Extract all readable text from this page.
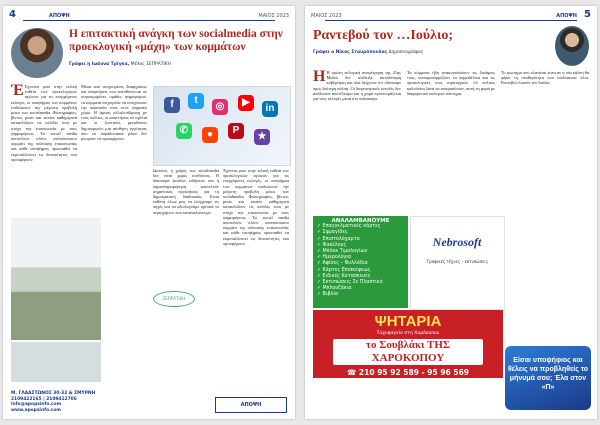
4	ΑΠΟΨΗ	ΜΑΙΟΣ 2023
Η επιτακτική ανάγκη των socialmedia στην προεκλογική «μάχη» των κομμάτων
Γράφει η Ιωάννα Τρίγκα, Μέλος ΣΕΠΡΑΤΙΚΗ
Έ Έχοντας μπει στην τελική ευθεία των προεκλογικών αγώνων για τις επερχόμενες εκλογές, οι υποψήφιοι των κομμάτων επιδιώκουν την μέγιστη προβολή μέσω των socialmedia. Φωτογραφίες, βίντεο, posts και stories καθημερινά κατακλύζουν τις σελίδες τους με στόχο την επικοινωνία με τους ψηφοφόρους. Τα social media αποτελούν πλέον αναπόσπαστο κομμάτι της πολιτικής επικοινωνίας και κάθε υποψήφιος προσπαθεί να εκμεταλλευτεί τις δυνατότητες που προσφέρουν.
Μέσα από στοχευμένες διαφημίσεις και αναρτήσεις που απευθύνονται σε συγκεκριμένες ομάδες ψηφοφόρων, τα κόμματα επιχειρούν να ενισχύσουν την παρουσία τους στον ψηφιακό χώρο. Η άμεση αλληλεπίδραση με τους πολίτες, οι απαντήσεις σε σχόλια και οι ζωντανές μεταδόσεις δημιουργούν μια αίσθηση εγγύτητας που τα παραδοσιακά μέσα δεν μπορούν να προσφέρουν.
f	t
◎	▶
in
✆	●	P
★
Ωστόσο, η χρήση των socialmedia δεν είναι χωρίς κινδύνους. Η διασπορά ψευδών ειδήσεων και η παραπληροφόρηση αποτελούν σημαντικές προκλήσεις για τη δημοκρατική διαδικασία. Είναι ευθύνη όλων μας να ελέγχουμε τις πηγές και να αξιολογούμε κριτικά το περιεχόμενο που καταναλώνουμε.
Έχοντας μπει στην τελική ευθεία των προεκλογικών αγώνων για τις επερχόμενες εκλογές, οι υποψήφιοι των κομμάτων επιδιώκουν την μέγιστη προβολή μέσω των socialmedia. Φωτογραφίες, βίντεο, posts και stories καθημερινά κατακλύζουν τις σελίδες τους με στόχο την επικοινωνία με τους ψηφοφόρους. Τα social media αποτελούν πλέον αναπόσπαστο κομμάτι της πολιτικής επικοινωνίας και κάθε υποψήφιος προσπαθεί να εκμεταλλευτεί τις δυνατότητες που προσφέρουν.
ΣΕΠΡΑΤΙΚΗ
Μ. ΓΛΑΔΣΤΩΝΟΣ 30-32 & ΣΜΥΡΝΗ
2109422165 | 2109412706
info@apopsinfo.com
www.apopsinfo.com
ΑΠΟΨΗ
ΜΑΙΟΣ 2023	ΑΠΟΨΗ 5
Ραντεβού τον …Ιούλιο;
Γράφει ο Νίκος Σταυρόπουλος Δημοσιογράφος
Η Η πρώτη εκλογική αναμέτρηση της 21ης Μαΐου δεν ανέδειξε αυτοδύναμη κυβέρνηση και όλα δείχνουν ότι οδεύουμε προς δεύτερη κάλπη. Οι διερευνητικές εντολές δεν απέδωσαν αποτέλεσμα και η χώρα προετοιμάζεται για νέες εκλογές μέσα στο καλοκαίρι.
Τα κόμματα ήδη ανασυντάσσουν τις δυνάμεις τους, αναπροσαρμόζουν τα ψηφοδέλτια και τις προεκλογικές τους στρατηγικές. Οι πολίτες καλούνται ξανά να αποφασίσουν, αυτή τη φορά με διαφορετικό εκλογικό σύστημα.
Το ερώτημα που πλανάται είναι αν η νέα κάλπη θα φέρει τη σταθερότητα που επιδιώκουν όλοι. Ραντεβού λοιπόν τον Ιούλιο;
ΑΝΑΛΑΜΒΑΝΟΥΜΕ
✓ Επαγγελματικές κάρτες
✓ Σφραγίδες
✓ Επιστολόχαρτα
✓ Φακέλους
✓ Μπλοκ Τιμολογίων
✓ Ημερολόγια
✓ Αφίσες – Φυλλάδια
✓ Κάρτες Επισκέψεως
✓ Ειδικές Κατασκευές
✓ Εκτυπώσεις Σε Πλαστικό
✓ Μπλουζάκια
✓ Βιβλία
Nebrosoft
Γραφικές τέχνες – εκτυπώσεις
ΨΗΤΑΡΙΑ
Ταχυφαγείο στη Χαρόκοπου
το Σουβλάκι ΤΗΣ ΧΑΡΟΚΟΠΟΥ
☎ 210 95 92 589 - 95 96 569
Είσαι υποψήφιος και θέλεις να προβληθείς το μήνυμά σου; Έλα στον «Π»
